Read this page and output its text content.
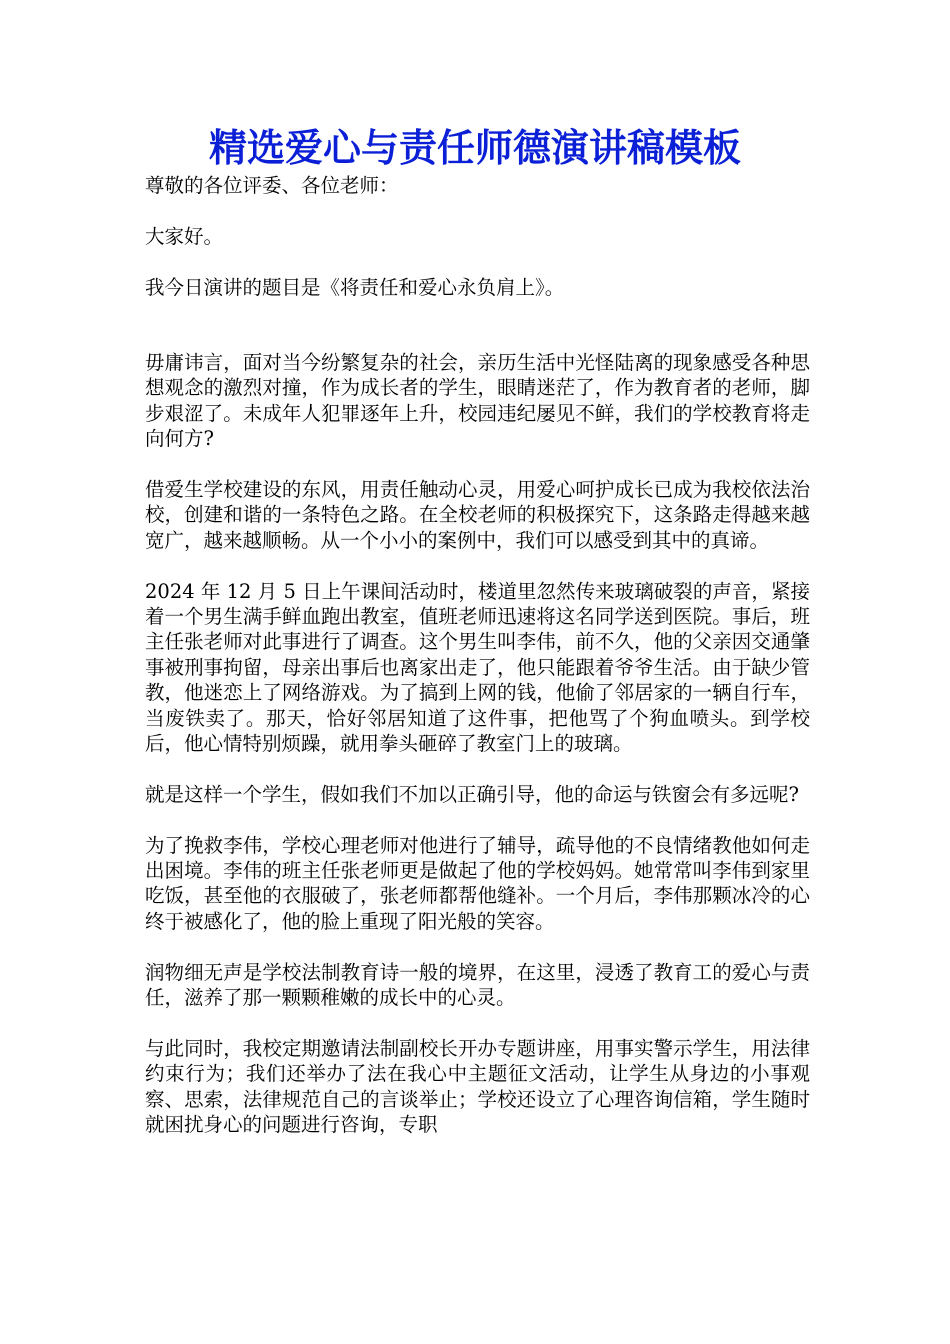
精选爱心与责任师德演讲稿模板

尊敬的各位评委、各位老师：

大家好。

我今日演讲的题目是《将责任和爱心永负肩上》。

毋庸讳言，面对当今纷繁复杂的社会，亲历生活中光怪陆离的现象感受各种思想观念的激烈对撞，作为成长者的学生，眼睛迷茫了，作为教育者的老师，脚步艰涩了。未成年人犯罪逐年上升，校园违纪屡见不鲜，我们的学校教育将走向何方?

借爱生学校建设的东风，用责任触动心灵，用爱心呵护成长已成为我校依法治校，创建和谐的一条特色之路。在全校老师的积极探究下，这条路走得越来越宽广，越来越顺畅。从一个小小的案例中，我们可以感受到其中的真谛。

2024 年 12 月 5 日上午课间活动时，楼道里忽然传来玻璃破裂的声音，紧接着一个男生满手鲜血跑出教室，值班老师迅速将这名同学送到医院。事后，班主任张老师对此事进行了调查。这个男生叫李伟，前不久，他的父亲因交通肇事被刑事拘留，母亲出事后也离家出走了，他只能跟着爷爷生活。由于缺少管教，他迷恋上了网络游戏。为了搞到上网的钱，他偷了邻居家的一辆自行车，当废铁卖了。那天，恰好邻居知道了这件事，把他骂了个狗血喷头。到学校后，他心情特别烦躁，就用拳头砸碎了教室门上的玻璃。

就是这样一个学生，假如我们不加以正确引导，他的命运与铁窗会有多远呢?

为了挽救李伟，学校心理老师对他进行了辅导，疏导他的不良情绪教他如何走出困境。李伟的班主任张老师更是做起了他的学校妈妈。她常常叫李伟到家里吃饭，甚至他的衣服破了，张老师都帮他缝补。一个月后，李伟那颗冰冷的心终于被感化了，他的脸上重现了阳光般的笑容。

润物细无声是学校法制教育诗一般的境界，在这里，浸透了教育工的爱心与责任，滋养了那一颗颗稚嫩的成长中的心灵。

与此同时，我校定期邀请法制副校长开办专题讲座，用事实警示学生，用法律约束行为；我们还举办了法在我心中主题征文活动，让学生从身边的小事观察、思索，法律规范自己的言谈举止；学校还设立了心理咨询信箱，学生随时就困扰身心的问题进行咨询，专职
